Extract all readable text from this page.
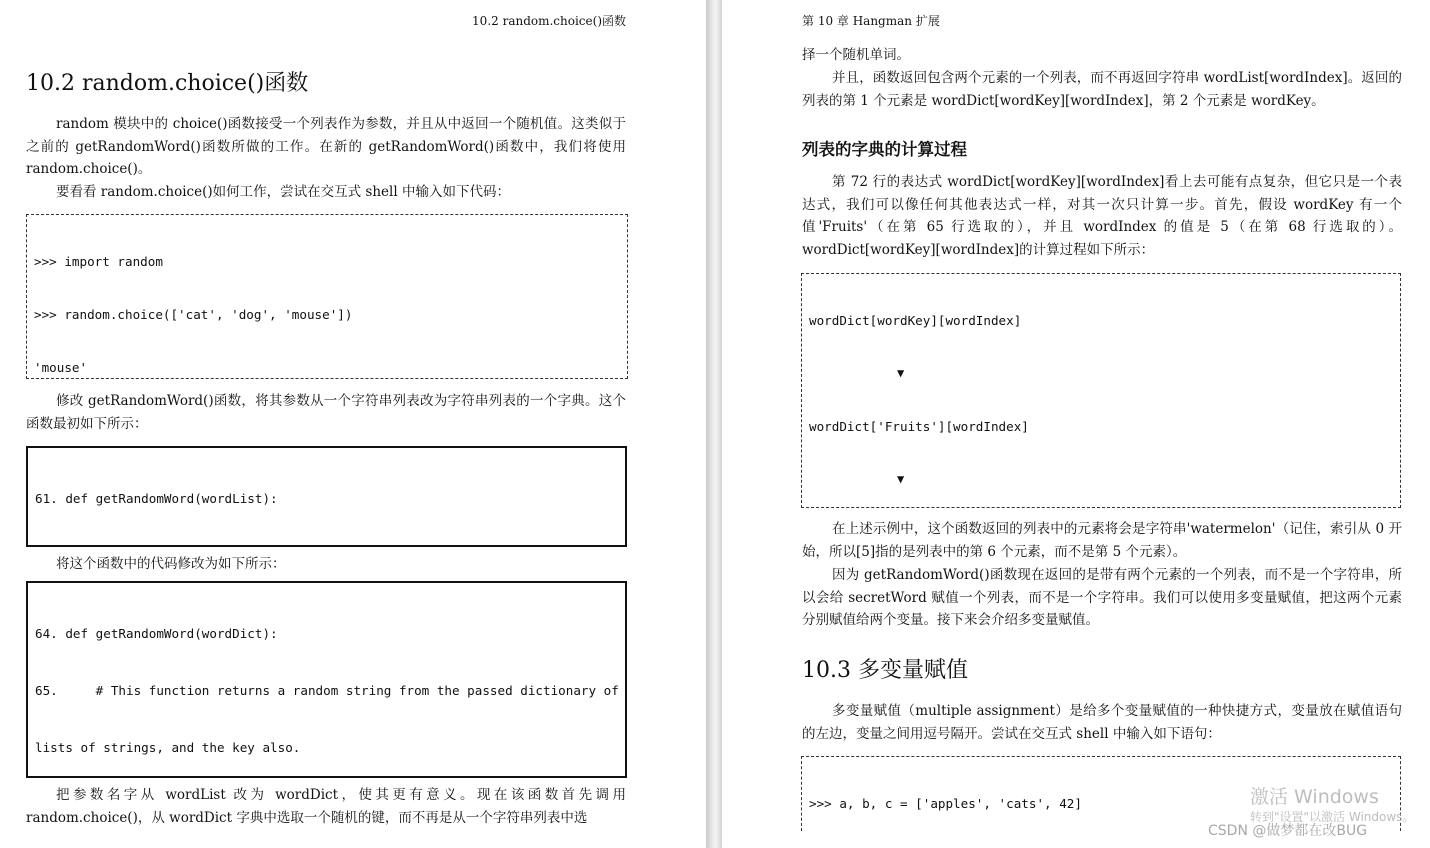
10.2 random.choice()函数
10.2 random.choice()函数

random 模块中的 choice()函数接受一个列表作为参数，并且从中返回一个随机值。这类似于之前的 getRandomWord()函数所做的工作。在新的 getRandomWord()函数中，我们将使用 random.choice()。

要看看 random.choice()如何工作，尝试在交互式 shell 中输入如下代码：

>>> import random

>>> random.choice(['cat', 'dog', 'mouse'])

'mouse'

修改 getRandomWord()函数，将其参数从一个字符串列表改为字符串列表的一个字典。这个函数最初如下所示：

61. def getRandomWord(wordList):

将这个函数中的代码修改为如下所示：

64. def getRandomWord(wordDict):

65.     # This function returns a random string from the passed dictionary of

lists of strings, and the key also.

把参数名字从 wordList 改为 wordDict，使其更有意义。现在该函数首先调用 random.choice()，从 wordDict 字典中选取一个随机的键，而不再是从一个字符串列表中选

第 10 章 Hangman 扩展

择一个随机单词。

并且，函数返回包含两个元素的一个列表，而不再返回字符串 wordList[wordIndex]。返回的列表的第 1 个元素是 wordDict[wordKey][wordIndex]，第 2 个元素是 wordKey。

列表的字典的计算过程

第 72 行的表达式 wordDict[wordKey][wordIndex]看上去可能有点复杂，但它只是一个表达式，我们可以像任何其他表达式一样，对其一次只计算一步。首先，假设 wordKey 有一个值'Fruits'（在第 65 行选取的），并且 wordIndex 的值是 5（在第 68 行选取的）。wordDict[wordKey][wordIndex]的计算过程如下所示：

wordDict[wordKey][wordIndex]

▼

wordDict['Fruits'][wordIndex]

▼

在上述示例中，这个函数返回的列表中的元素将会是字符串'watermelon'（记住，索引从 0 开始，所以[5]指的是列表中的第 6 个元素，而不是第 5 个元素）。

因为 getRandomWord()函数现在返回的是带有两个元素的一个列表，而不是一个字符串，所以会给 secretWord 赋值一个列表，而不是一个字符串。我们可以使用多变量赋值，把这两个元素分别赋值给两个变量。接下来会介绍多变量赋值。

10.3 多变量赋值

多变量赋值（multiple assignment）是给多个变量赋值的一种快捷方式，变量放在赋值语句的左边，变量之间用逗号隔开。尝试在交互式 shell 中输入如下语句：

>>> a, b, c = ['apples', 'cats', 42]

	激活 Windows
转到"设置"以激活 Windows。
CSDN @做梦都在改BUG
